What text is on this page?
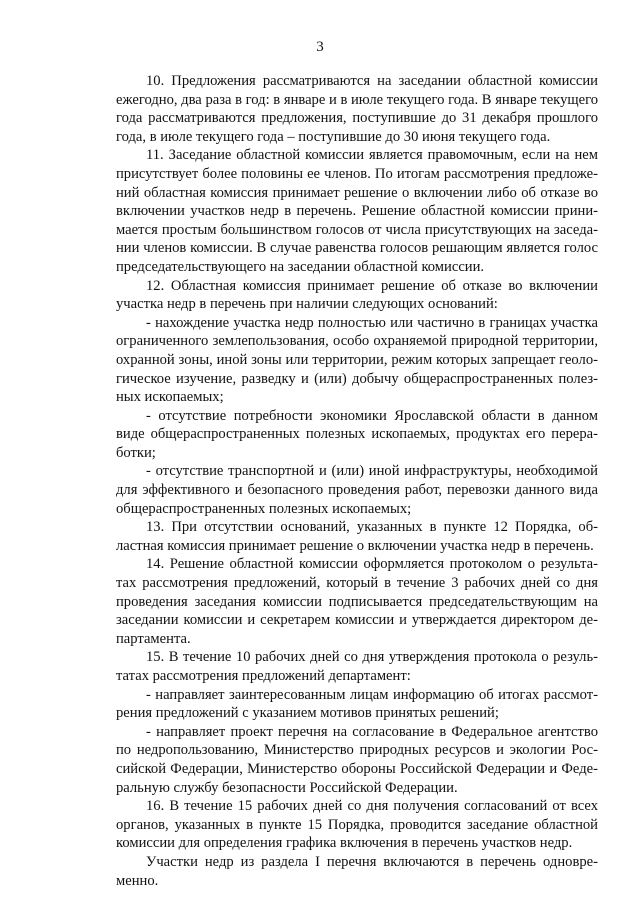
3

10. Предложения рассматриваются на заседании областной комиссии ежегодно, два раза в год: в январе и в июле текущего года. В январе текущего года рассматриваются предложения, поступившие до 31 декабря прошлого года, в июле текущего года – поступившие до 30 июня текущего года.

11. Заседание областной комиссии является правомочным, если на нем присутствует более половины ее членов. По итогам рассмотрения предложений областная комиссия принимает решение о включении либо об отказе во включении участков недр в перечень. Решение областной комиссии принимается простым большинством голосов от числа присутствующих на заседании членов комиссии. В случае равенства голосов решающим является голос председательствующего на заседании областной комиссии.

12. Областная комиссия принимает решение об отказе во включении участка недр в перечень при наличии следующих оснований:

- нахождение участка недр полностью или частично в границах участка ограниченного землепользования, особо охраняемой природной территории, охранной зоны, иной зоны или территории, режим которых запрещает геологическое изучение, разведку и (или) добычу общераспространенных полезных ископаемых;

- отсутствие потребности экономики Ярославской области в данном виде общераспространенных полезных ископаемых, продуктах его переработки;

- отсутствие транспортной и (или) иной инфраструктуры, необходимой для эффективного и безопасного проведения работ, перевозки данного вида общераспространенных полезных ископаемых;

13. При отсутствии оснований, указанных в пункте 12 Порядка, областная комиссия принимает решение о включении участка недр в перечень.

14. Решение областной комиссии оформляется протоколом о результатах рассмотрения предложений, который в течение 3 рабочих дней со дня проведения заседания комиссии подписывается председательствующим на заседании комиссии и секретарем комиссии и утверждается директором департамента.

15. В течение 10 рабочих дней со дня утверждения протокола о результатах рассмотрения предложений департамент:

- направляет заинтересованным лицам информацию об итогах рассмотрения предложений с указанием мотивов принятых решений;

- направляет проект перечня на согласование в Федеральное агентство по недропользованию, Министерство природных ресурсов и экологии Российской Федерации, Министерство обороны Российской Федерации и Федеральную службу безопасности Российской Федерации.

16. В течение 15 рабочих дней со дня получения согласований от всех органов, указанных в пункте 15 Порядка, проводится заседание областной комиссии для определения графика включения в перечень участков недр.

Участки недр из раздела I перечня включаются в перечень одновременно.
